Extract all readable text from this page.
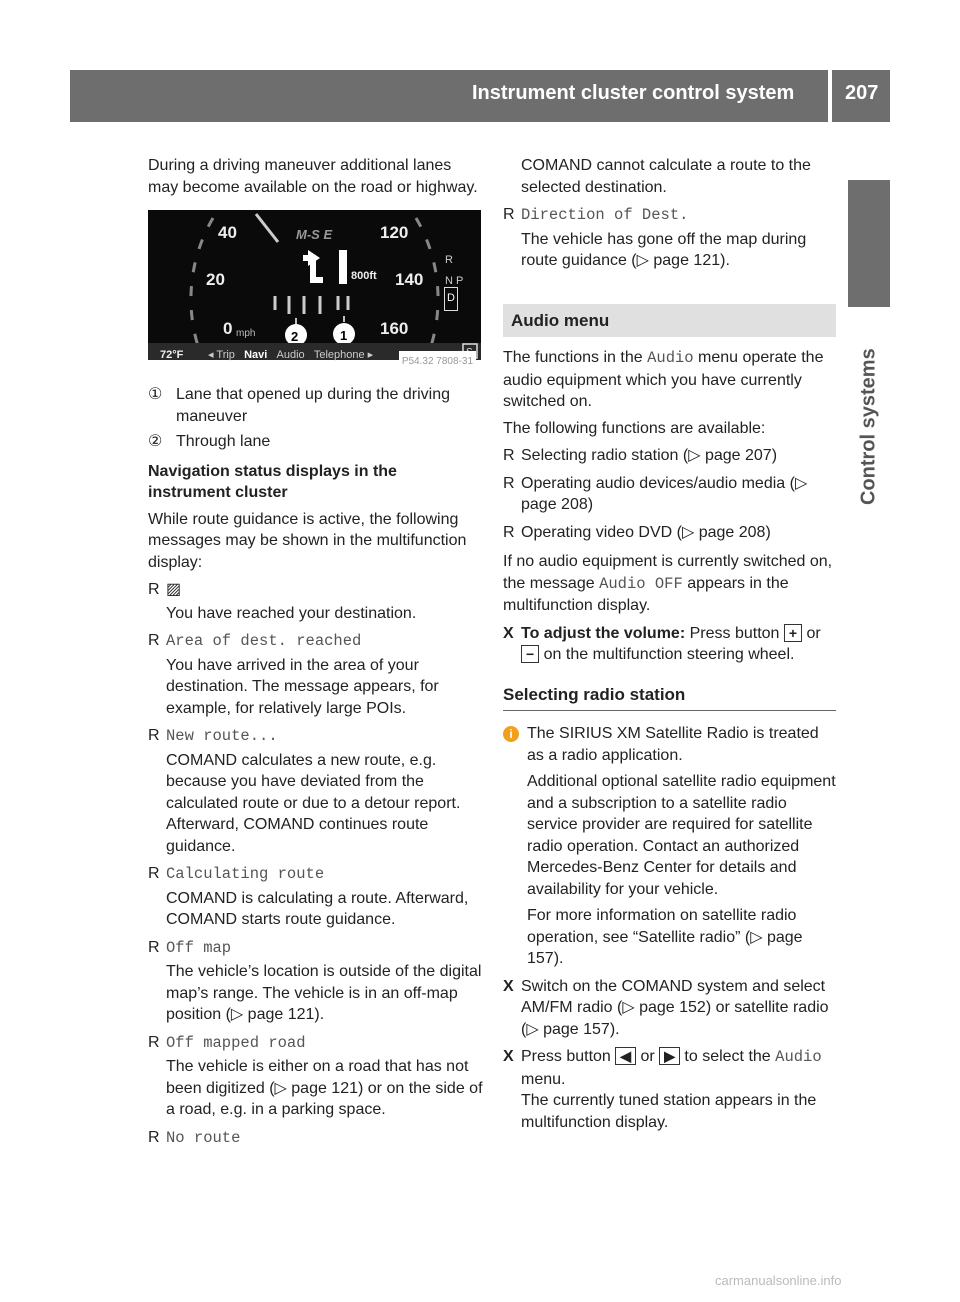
Instrument cluster control system	207
Control systems

During a driving maneuver additional lanes may become available on the road or highway.

40
20
0 mph
120
140
160
M-S E
800ft
R
N P
D
2	1
72°F ◂ Trip Navi Audio Telephone ▸	P54.32 7808-31
① Lane that opened up during the driving maneuver
② Through lane

Navigation status displays in the instrument cluster

While route guidance is active, the following messages may be shown in the multifunction display:

R ▨
You have reached your destination.
R Area of dest. reached
You have arrived in the area of your destination. The message appears, for example, for relatively large POIs.
R New route...
COMAND calculates a new route, e.g. because you have deviated from the calculated route or due to a detour report. Afterward, COMAND continues route guidance.
R Calculating route
COMAND is calculating a route. Afterward, COMAND starts route guidance.
R Off map
The vehicle’s location is outside of the digital map’s range. The vehicle is in an off-map position (▷ page 121).
R Off mapped road
The vehicle is either on a road that has not been digitized (▷ page 121) or on the side of a road, e.g. in a parking space.
R No route
COMAND cannot calculate a route to the selected destination.
R Direction of Dest.
The vehicle has gone off the map during route guidance (▷ page 121).
Audio menu

The functions in the Audio menu operate the audio equipment which you have currently switched on.

The following functions are available:

R Selecting radio station (▷ page 207)
R Operating audio devices/audio media (▷ page 208)
R Operating video DVD (▷ page 208)

If no audio equipment is currently switched on, the message Audio OFF appears in the multifunction display.

X To adjust the volume: Press button + or − on the multifunction steering wheel.
Selecting radio station
i The SIRIUS XM Satellite Radio is treated as a radio application.

Additional optional satellite radio equipment and a subscription to a satellite radio service provider are required for satellite radio operation. Contact an authorized Mercedes-Benz Center for details and availability for your vehicle.

For more information on satellite radio operation, see “Satellite radio” (▷ page 157).

X Switch on the COMAND system and select AM/FM radio (▷ page 152) or satellite radio (▷ page 157).
X Press button ◀ or ▶ to select the Audio menu.
The currently tuned station appears in the multifunction display.
carmanualsonline.info
